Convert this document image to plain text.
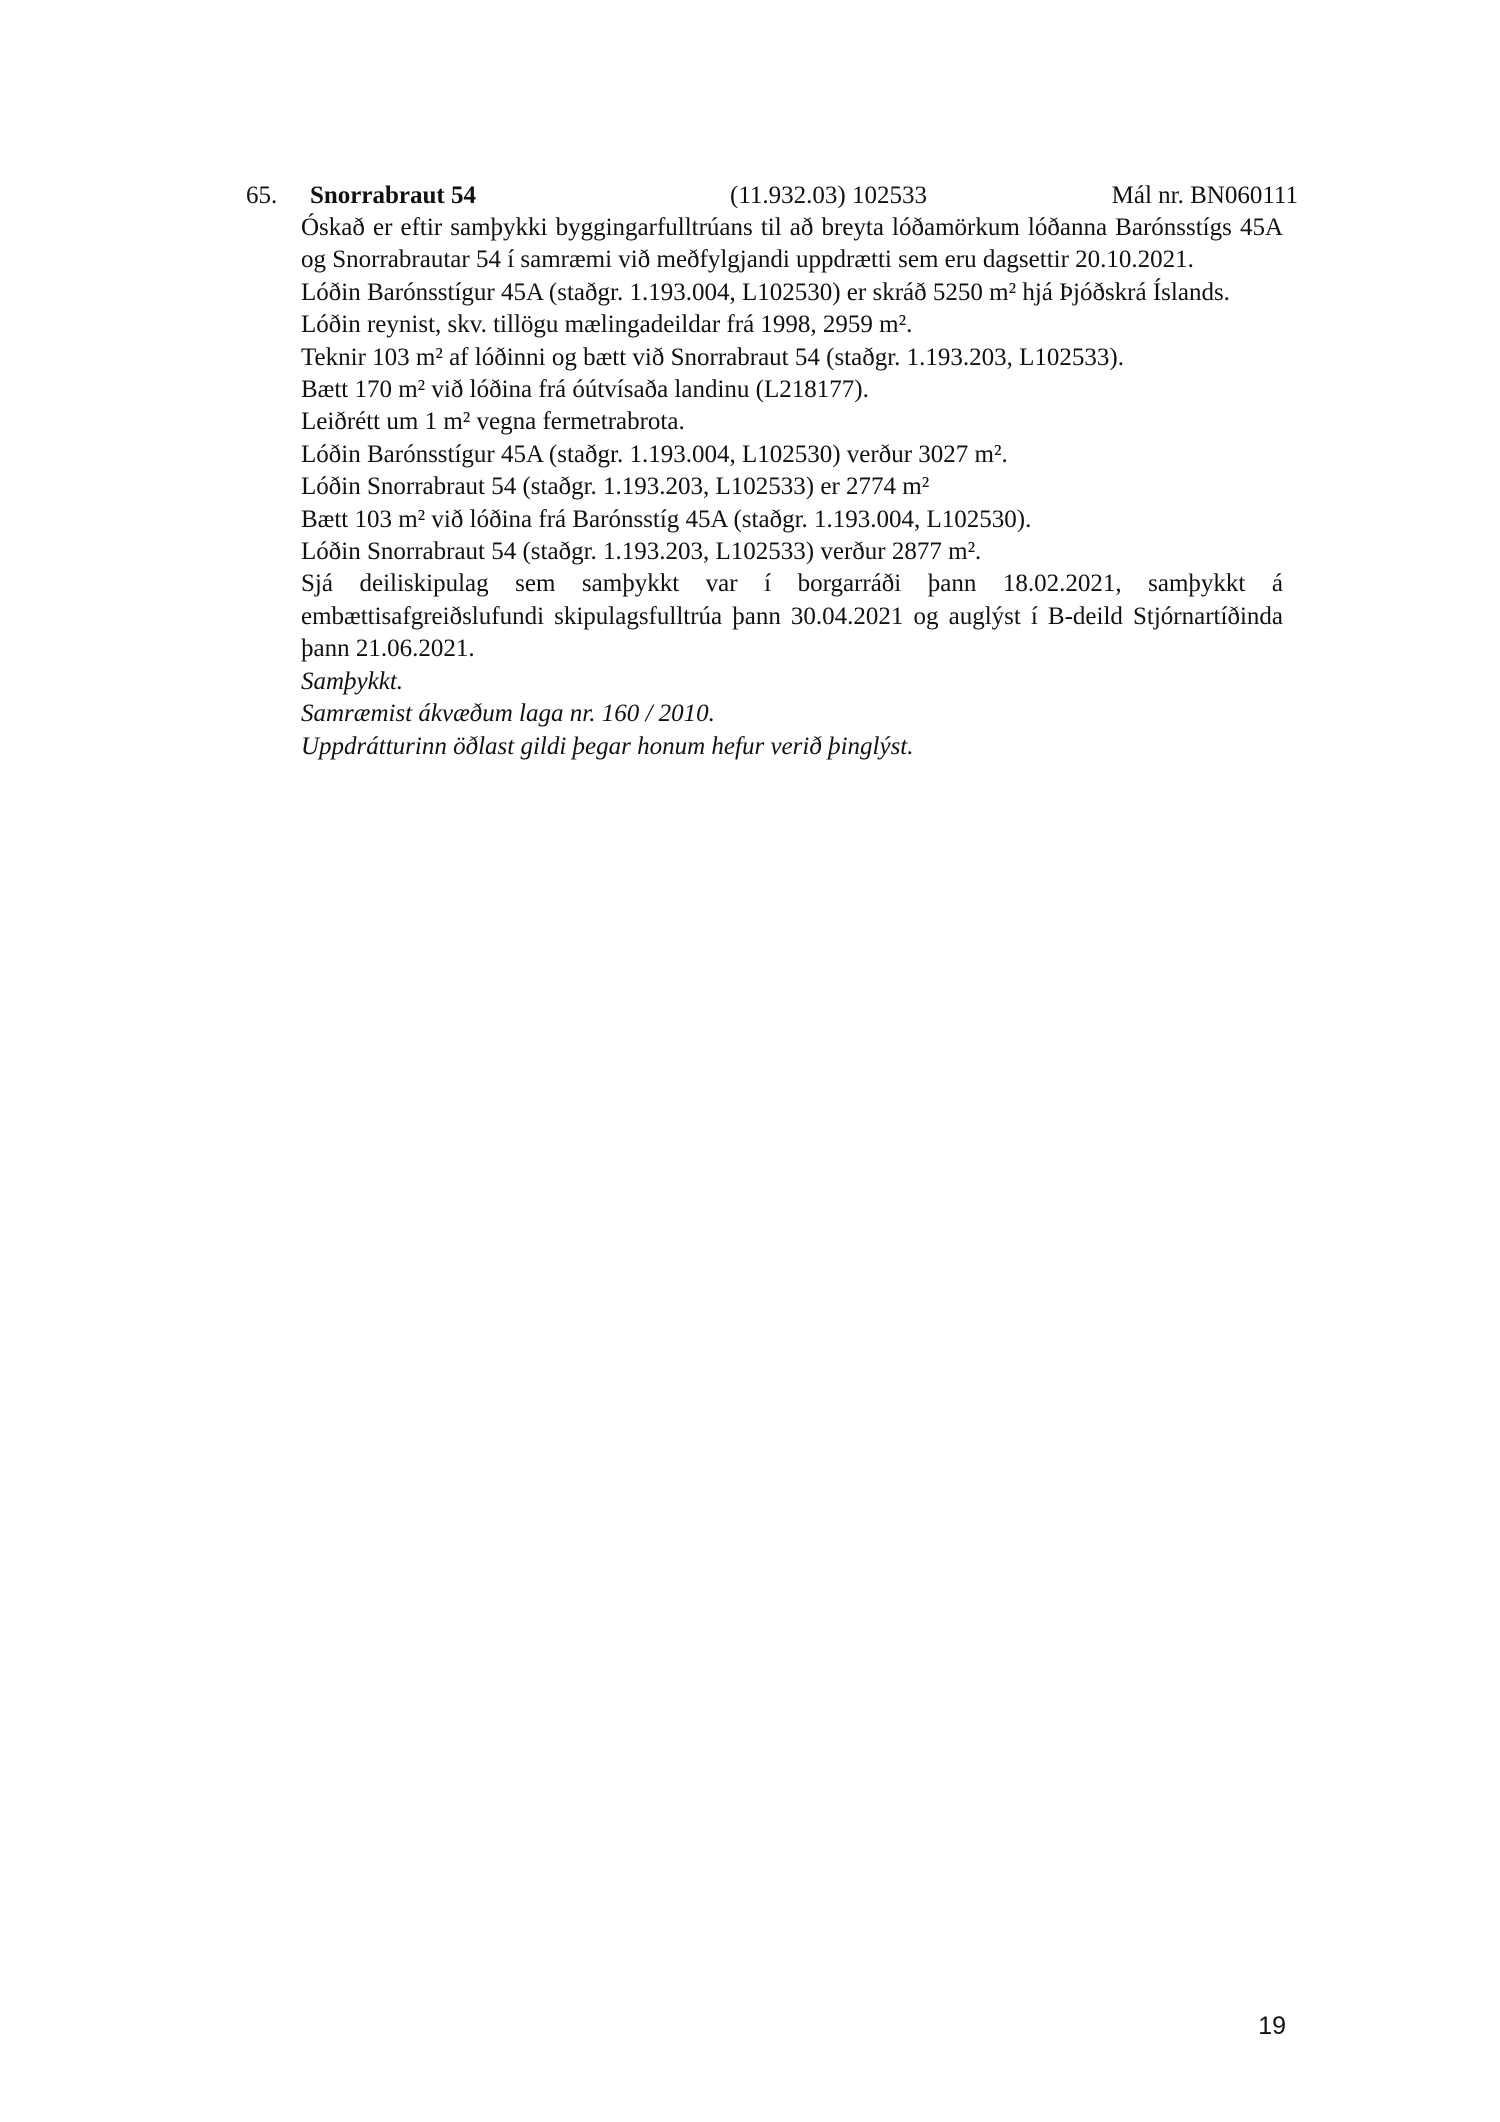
65. Snorrabraut 54	(11.932.03) 102533	Mál nr. BN060111

Óskað er eftir samþykki byggingarfulltrúans til að breyta lóðamörkum lóðanna Barónsstígs 45A og Snorrabrautar 54 í samræmi við meðfylgjandi uppdrætti sem eru dagsettir 20.10.2021.

Lóðin Barónsstígur 45A (staðgr. 1.193.004, L102530) er skráð 5250 m² hjá Þjóðskrá Íslands.

Lóðin reynist, skv. tillögu mælingadeildar frá 1998, 2959 m².

Teknir 103 m² af lóðinni og bætt við Snorrabraut 54 (staðgr. 1.193.203, L102533).

Bætt 170 m² við lóðina frá óútvísaða landinu (L218177).

Leiðrétt um 1 m² vegna fermetrabrota.

Lóðin Barónsstígur 45A (staðgr. 1.193.004, L102530) verður 3027 m².

Lóðin Snorrabraut 54 (staðgr. 1.193.203, L102533) er 2774 m²

Bætt 103 m² við lóðina frá Barónsstíg 45A (staðgr. 1.193.004, L102530).

Lóðin Snorrabraut 54 (staðgr. 1.193.203, L102533) verður 2877 m².

Sjá deiliskipulag sem samþykkt var í borgarráði þann 18.02.2021, samþykkt á embættisafgreiðslufundi skipulagsfulltrúa þann 30.04.2021 og auglýst í B-deild Stjórnartíðinda þann 21.06.2021.

Samþykkt.

Samræmist ákvæðum laga nr. 160 / 2010.

Uppdrátturinn öðlast gildi þegar honum hefur verið þinglýst.

19
